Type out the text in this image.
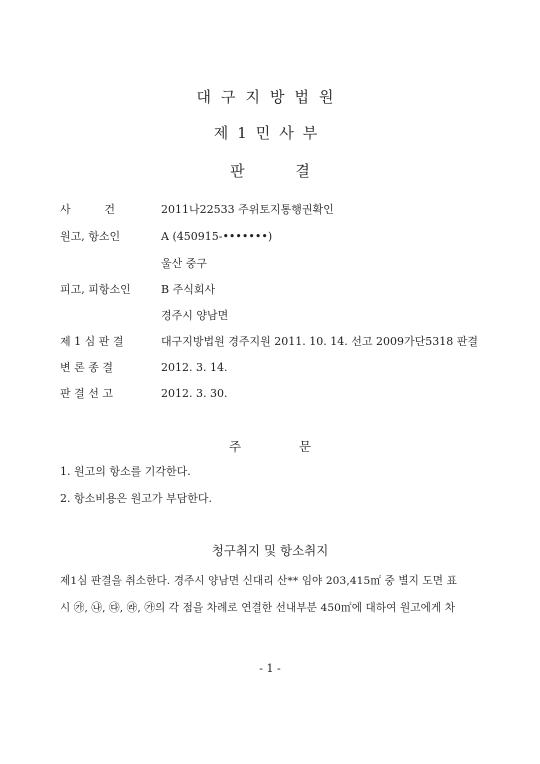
대구지방법원
제1민사부
판 결
사	건	2011나22533 주위토지통행권확인
원고, 항소인	A (450915-•••••••)
울산 중구
피고, 피항소인	B 주식회사
경주시 양남면
제 1 심 판 결	대구지방법원 경주지원 2011. 10. 14. 선고 2009가단5318 판결
변 론 종 결	2012. 3. 14.
판 결 선 고	2012. 3. 30.
주 문
1. 원고의 항소를 기각한다.
2. 항소비용은 원고가 부담한다.
청구취지 및 항소취지
제1심 판결을 취소한다. 경주시 양남면 신대리 산** 임야 203,415㎡ 중 별지 도면 표
시 ㉮, ㉯, ㉰, ㉱, ㉮의 각 점을 차례로 연결한 선내부분 450㎡에 대하여 원고에게 차
- 1 -
